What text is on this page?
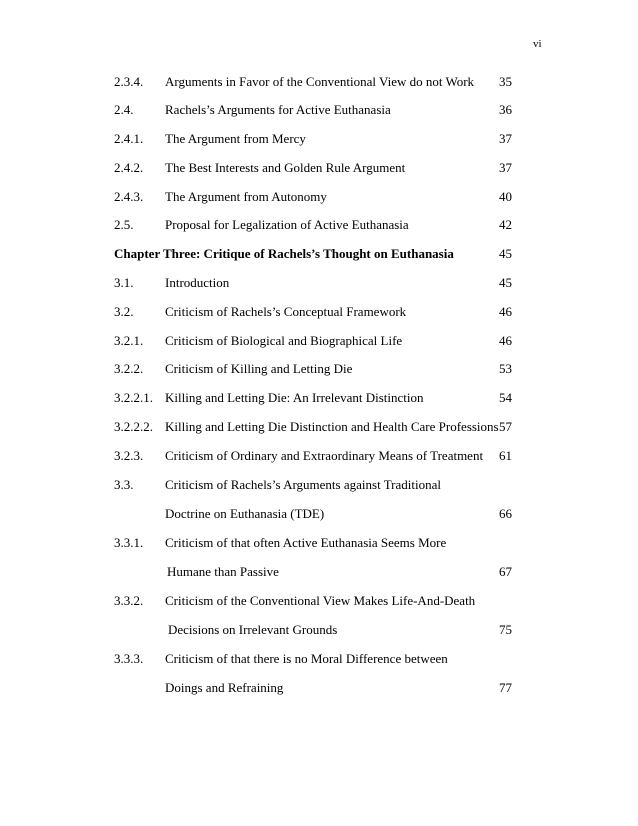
vi
2.3.4. Arguments in Favor of the Conventional View do not Work 35
2.4. Rachels’s Arguments for Active Euthanasia	36
2.4.1. The Argument from Mercy	37
2.4.2. The Best Interests and Golden Rule Argument	37
2.4.3. The Argument from Autonomy	40
2.5. Proposal for Legalization of Active Euthanasia	42
Chapter Three: Critique of Rachels’s Thought on Euthanasia	45
3.1. Introduction	45
3.2. Criticism of Rachels’s Conceptual Framework	46
3.2.1. Criticism of Biological and Biographical Life	46
3.2.2. Criticism of Killing and Letting Die	53
3.2.2.1. Killing and Letting Die: An Irrelevant Distinction	54
3.2.2.2. Killing and Letting Die Distinction and Health Care Professions 57
3.2.3. Criticism of Ordinary and Extraordinary Means of Treatment 61
3.3. Criticism of Rachels’s Arguments against Traditional
Doctrine on Euthanasia (TDE)	66
3.3.1. Criticism of that often Active Euthanasia Seems More
Humane than Passive	67
3.3.2. Criticism of the Conventional View Makes Life-And-Death
Decisions on Irrelevant Grounds	75
3.3.3. Criticism of that there is no Moral Difference between
Doings and Refraining	77
